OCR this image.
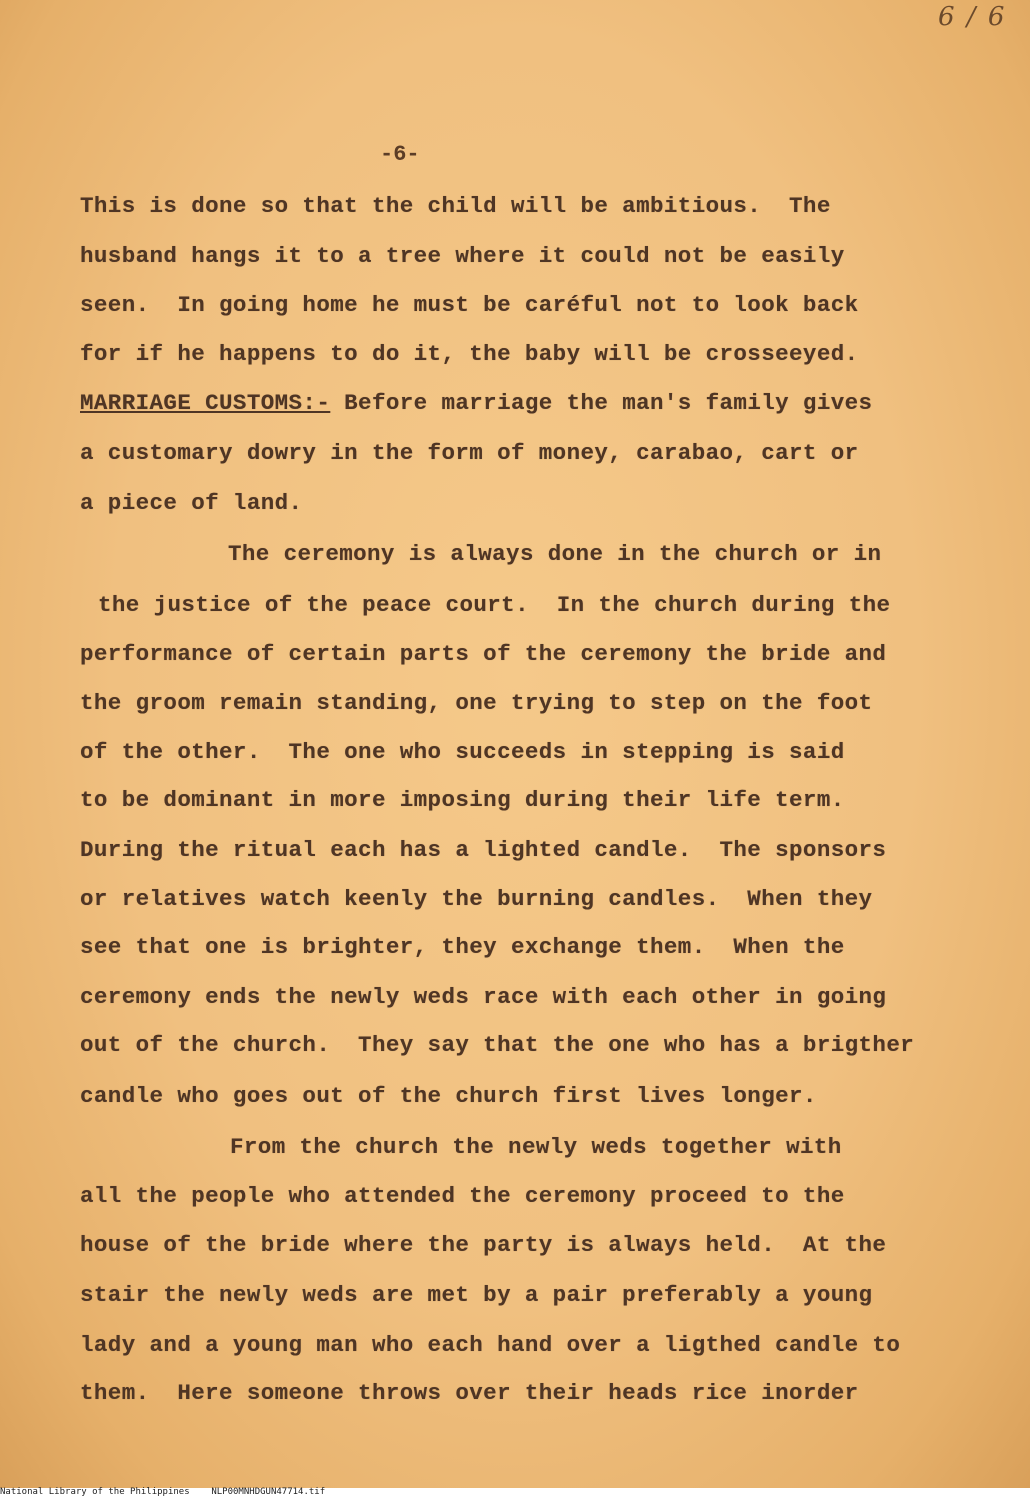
6 / 6
-6-
This is done so that the child will be ambitious.  The
husband hangs it to a tree where it could not be easily
seen.  In going home he must be caréful not to look back
for if he happens to do it, the baby will be crosseeyed.
MARRIAGE CUSTOMS:- Before marriage the man's family gives
a customary dowry in the form of money, carabao, cart or
a piece of land.
The ceremony is always done in the church or in
the justice of the peace court.  In the church during the
performance of certain parts of the ceremony the bride and
the groom remain standing, one trying to step on the foot
of the other.  The one who succeeds in stepping is said
to be dominant in more imposing during their life term.
During the ritual each has a lighted candle.  The sponsors
or relatives watch keenly the burning candles.  When they
see that one is brighter, they exchange them.  When the
ceremony ends the newly weds race with each other in going
out of the church.  They say that the one who has a brigther
candle who goes out of the church first lives longer.
From the church the newly weds together with
all the people who attended the ceremony proceed to the
house of the bride where the party is always held.  At the
stair the newly weds are met by a pair preferably a young
lady and a young man who each hand over a ligthed candle to
them.  Here someone throws over their heads rice inorder
National Library of the Philippines NLP00MNHDGUN47714.tif
